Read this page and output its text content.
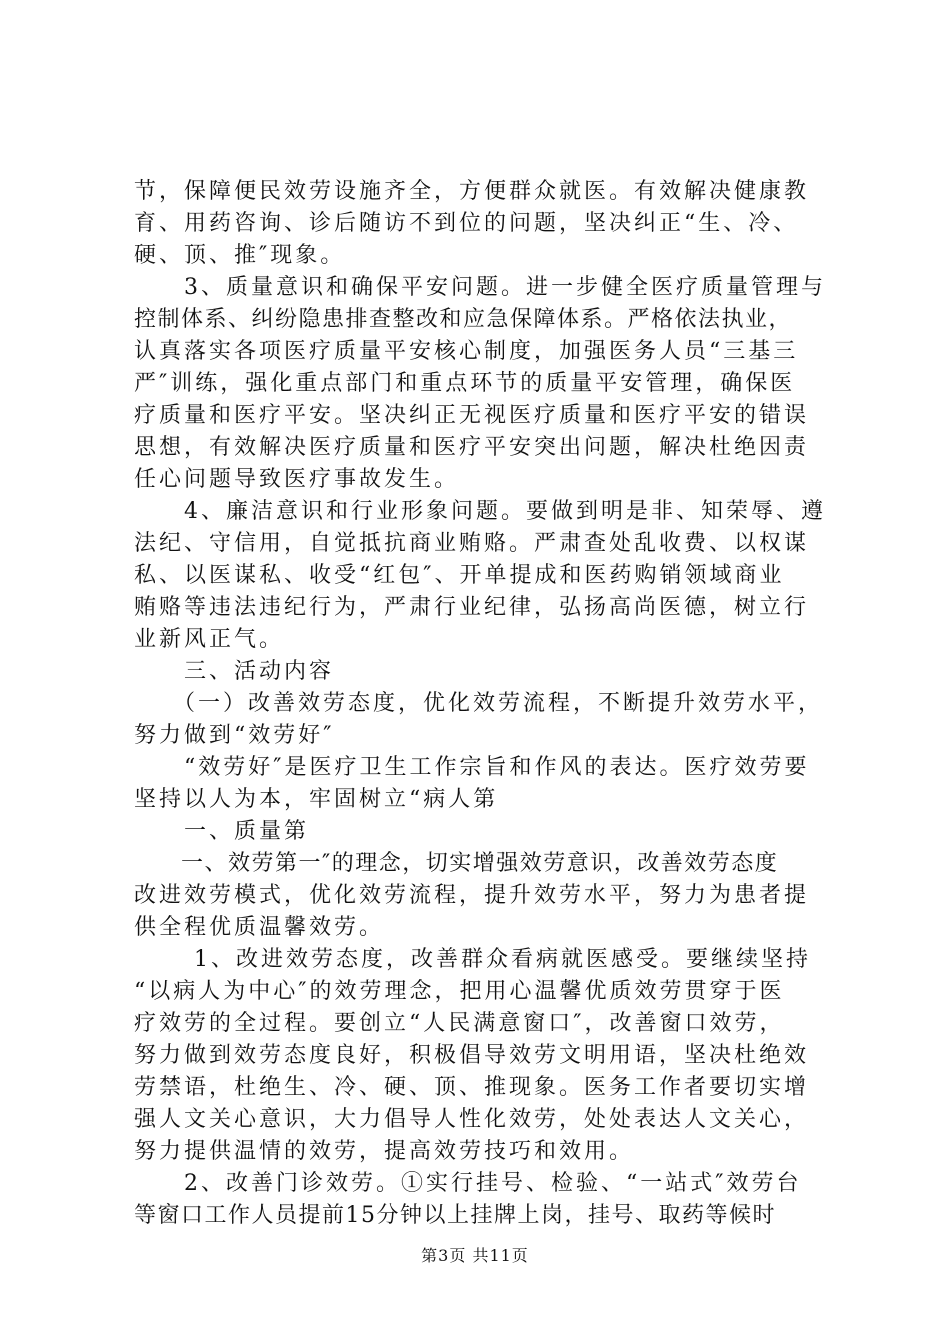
节，保障便民效劳设施齐全，方便群众就医。有效解决健康教
育、用药咨询、诊后随访不到位的问题，坚决纠正“生、冷、
硬、顶、推″现象。
　　3、质量意识和确保平安问题。进一步健全医疗质量管理与
控制体系、纠纷隐患排查整改和应急保障体系。严格依法执业，
认真落实各项医疗质量平安核心制度，加强医务人员“三基三
严″训练，强化重点部门和重点环节的质量平安管理，确保医
疗质量和医疗平安。坚决纠正无视医疗质量和医疗平安的错误
思想，有效解决医疗质量和医疗平安突出问题，解决杜绝因责
任心问题导致医疗事故发生。
　　4、廉洁意识和行业形象问题。要做到明是非、知荣辱、遵
法纪、守信用，自觉抵抗商业贿赂。严肃查处乱收费、以权谋
私、以医谋私、收受“红包″、开单提成和医药购销领域商业
贿赂等违法违纪行为，严肃行业纪律，弘扬高尚医德，树立行
业新风正气。
　　三、活动内容
　　（一）改善效劳态度，优化效劳流程，不断提升效劳水平，
努力做到“效劳好″
　　“效劳好″是医疗卫生工作宗旨和作风的表达。医疗效劳要
坚持以人为本，牢固树立“病人第
　　一、质量第
　　一、效劳第一″的理念，切实增强效劳意识，改善效劳态度
改进效劳模式，优化效劳流程，提升效劳水平，努力为患者提
供全程优质温馨效劳。
　　 1、改进效劳态度，改善群众看病就医感受。要继续坚持
“以病人为中心″的效劳理念，把用心温馨优质效劳贯穿于医
疗效劳的全过程。要创立“人民满意窗口″，改善窗口效劳，
努力做到效劳态度良好，积极倡导效劳文明用语，坚决杜绝效
劳禁语，杜绝生、冷、硬、顶、推现象。医务工作者要切实增
强人文关心意识，大力倡导人性化效劳，处处表达人文关心，
努力提供温情的效劳，提高效劳技巧和效用。
　　2、改善门诊效劳。①实行挂号、检验、“一站式″效劳台
等窗口工作人员提前15分钟以上挂牌上岗，挂号、取药等候时
第3页 共11页
